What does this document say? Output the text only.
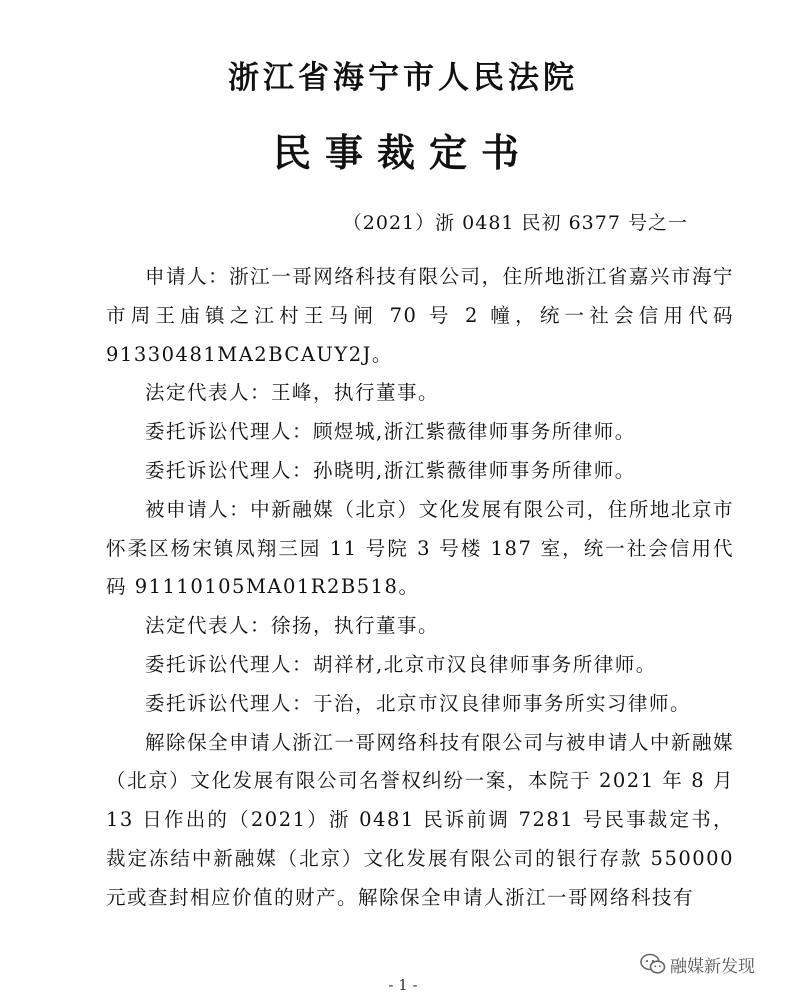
浙江省海宁市人民法院
民事裁定书
（2021）浙 0481 民初 6377 号之一

申请人：浙江一哥网络科技有限公司，住所地浙江省嘉兴市海宁市周王庙镇之江村王马闸 70 号 2 幢，统一社会信用代码 91330481MA2BCAUY2J。

法定代表人：王峰，执行董事。

委托诉讼代理人：顾煜城,浙江紫薇律师事务所律师。

委托诉讼代理人：孙晓明,浙江紫薇律师事务所律师。

被申请人：中新融媒（北京）文化发展有限公司，住所地北京市怀柔区杨宋镇凤翔三园 11 号院 3 号楼 187 室，统一社会信用代码 91110105MA01R2B518。

法定代表人：徐扬，执行董事。

委托诉讼代理人：胡祥材,北京市汉良律师事务所律师。

委托诉讼代理人：于治，北京市汉良律师事务所实习律师。

解除保全申请人浙江一哥网络科技有限公司与被申请人中新融媒（北京）文化发展有限公司名誉权纠纷一案，本院于 2021 年 8 月 13 日作出的（2021）浙 0481 民诉前调 7281 号民事裁定书，裁定冻结中新融媒（北京）文化发展有限公司的银行存款 550000 元或查封相应价值的财产。解除保全申请人浙江一哥网络科技有

融媒新发现
- 1 -
